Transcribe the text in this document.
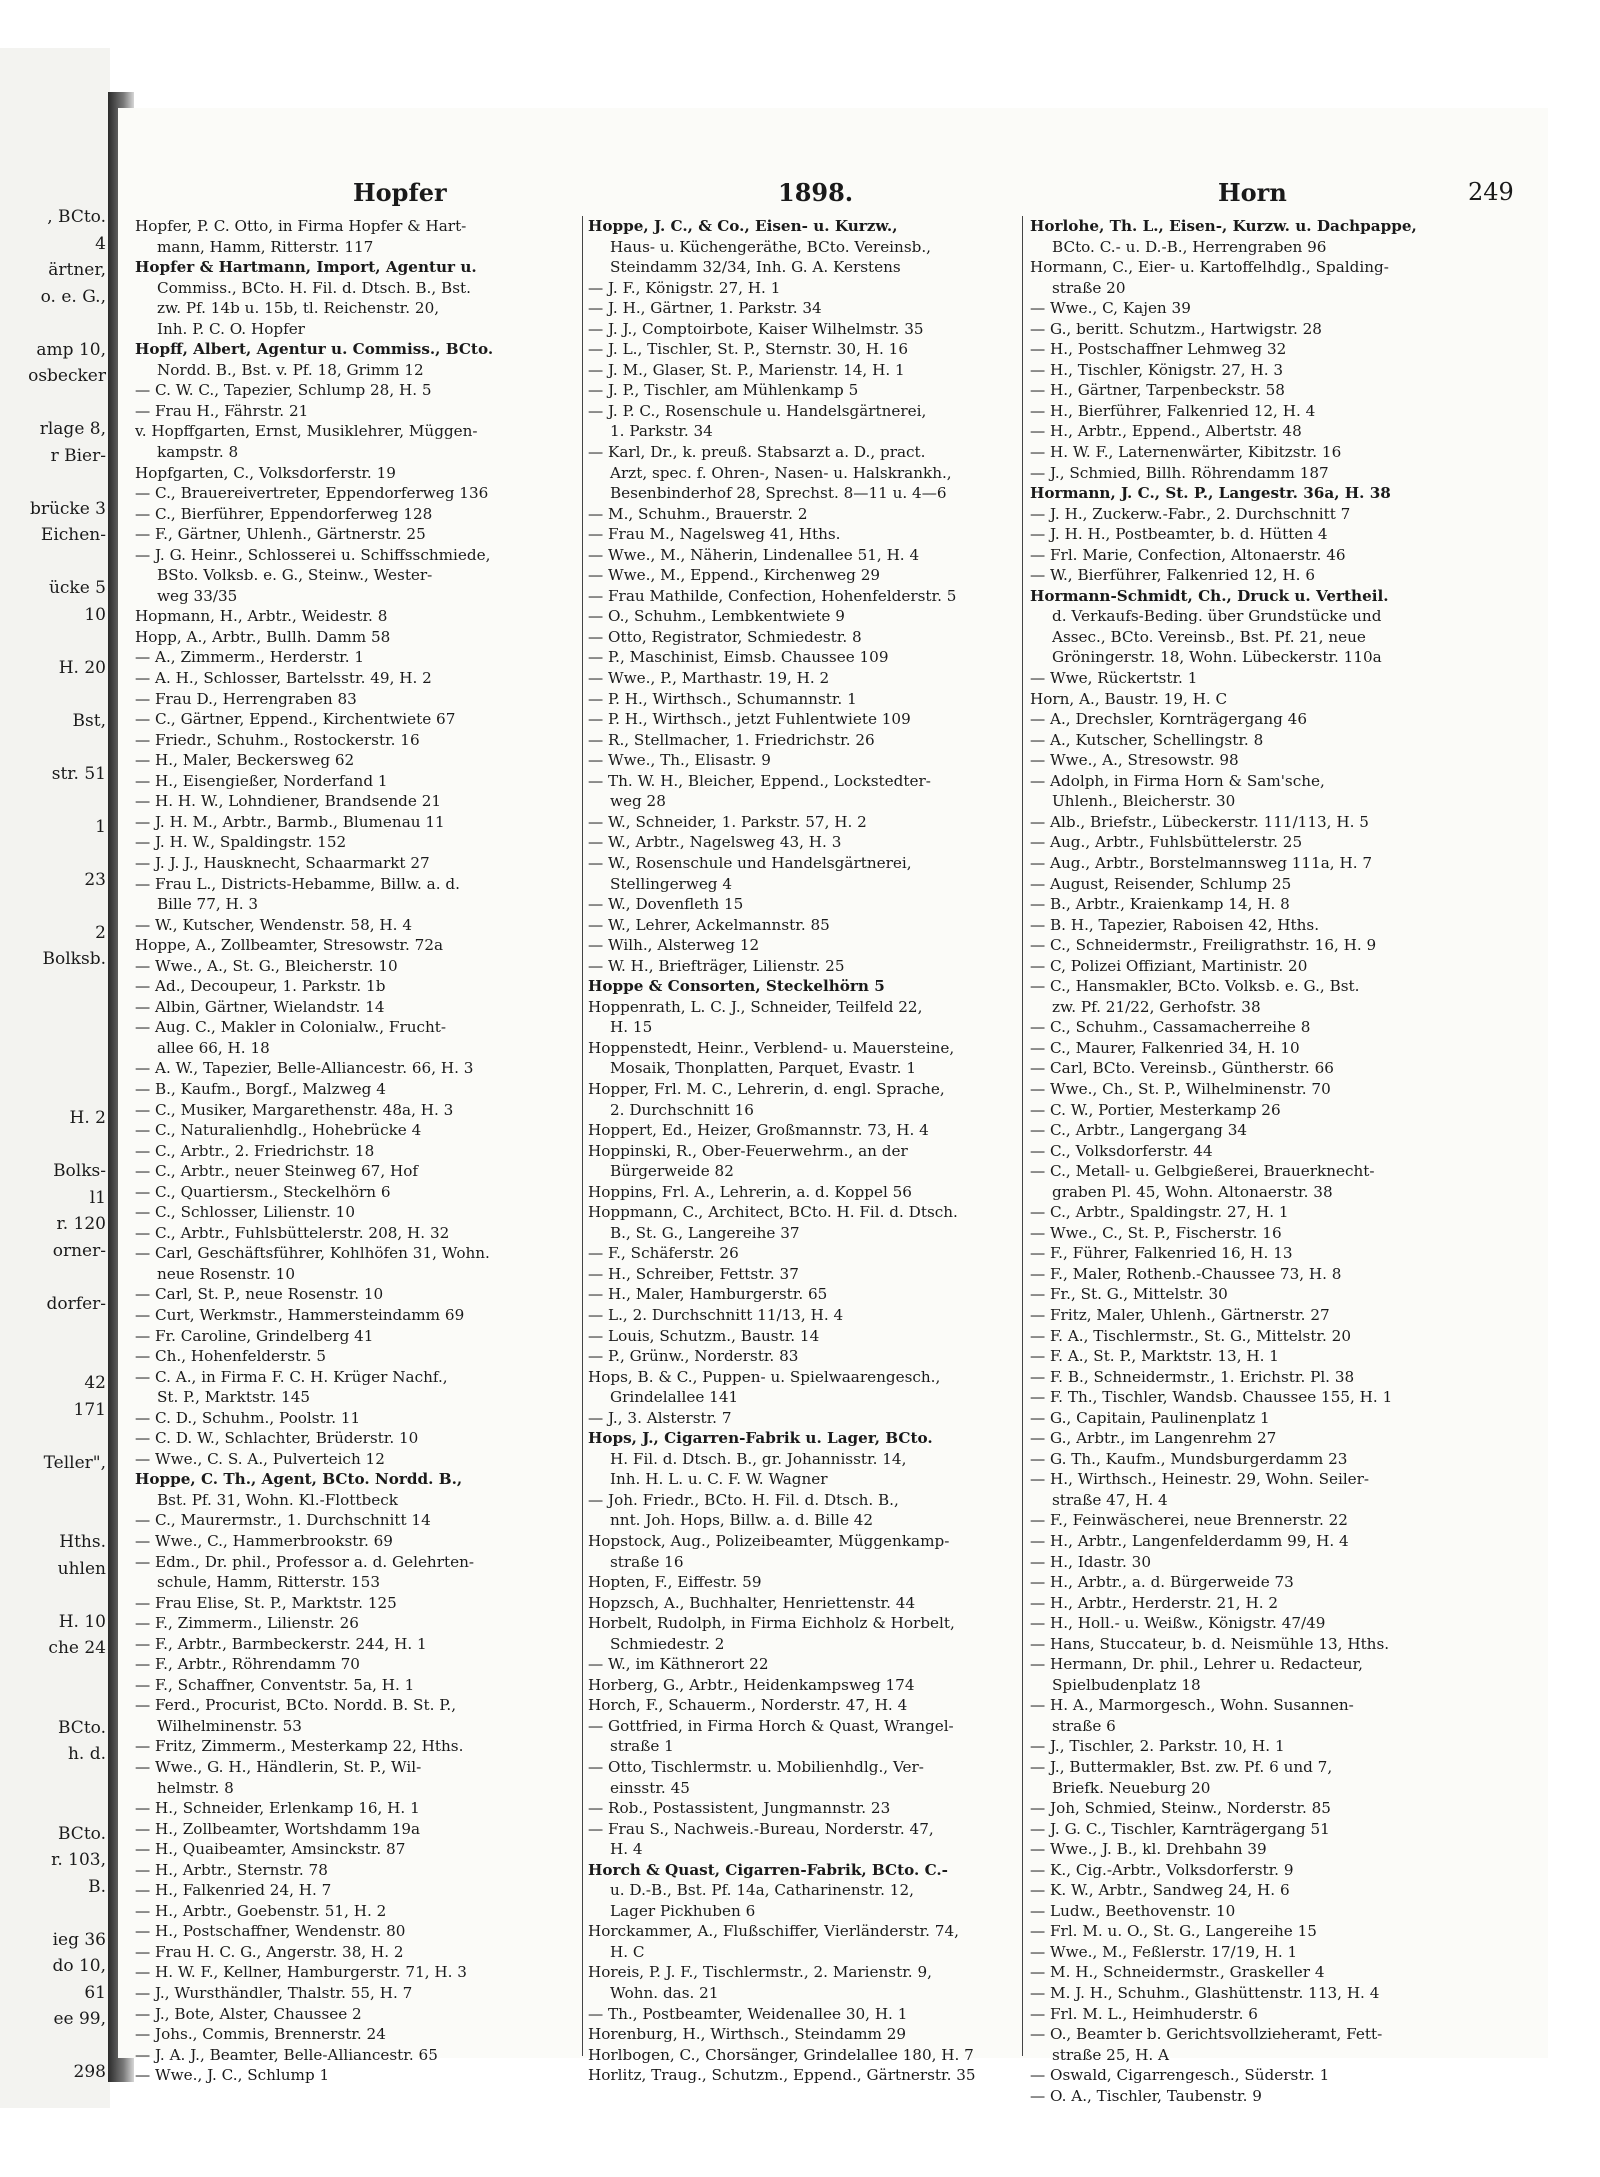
, BCto.
4
ärtner,
o. e. G.,
amp 10,
osbecker
rlage 8,
r Bier-
brücke 3
Eichen-
ücke 5
10
H. 20
Bst,
str. 51
1
23
2
Bolksb.
H. 2
Bolks-
l1
r. 120
orner-
dorfer-
42
171
Teller",
Hths.
uhlen
H. 10
che 24
BCto.
h. d.
BCto.
r. 103,
B.
ieg 36
do 10,
61
ee 99,
298
Hopfer	1898.	Horn	249
Hopfer, P. C. Otto, in Firma Hopfer & Hart-
mann, Hamm, Ritterstr. 117
Hopfer & Hartmann, Import, Agentur u.
Commiss., BCto. H. Fil. d. Dtsch. B., Bst.
zw. Pf. 14b u. 15b, tl. Reichenstr. 20,
Inh. P. C. O. Hopfer
Hopff, Albert, Agentur u. Commiss., BCto.
Nordd. B., Bst. v. Pf. 18, Grimm 12
— C. W. C., Tapezier, Schlump 28, H. 5
— Frau H., Fährstr. 21
v. Hopffgarten, Ernst, Musiklehrer, Müggen-
kampstr. 8
Hopfgarten, C., Volksdorferstr. 19
— C., Brauereivertreter, Eppendorferweg 136
— C., Bierführer, Eppendorferweg 128
— F., Gärtner, Uhlenh., Gärtnerstr. 25
— J. G. Heinr., Schlosserei u. Schiffsschmiede,
BSto. Volksb. e. G., Steinw., Wester-
weg 33/35
Hopmann, H., Arbtr., Weidestr. 8
Hopp, A., Arbtr., Bullh. Damm 58
— A., Zimmerm., Herderstr. 1
— A. H., Schlosser, Bartelsstr. 49, H. 2
— Frau D., Herrengraben 83
— C., Gärtner, Eppend., Kirchentwiete 67
— Friedr., Schuhm., Rostockerstr. 16
— H., Maler, Beckersweg 62
— H., Eisengießer, Norderfand 1
— H. H. W., Lohndiener, Brandsende 21
— J. H. M., Arbtr., Barmb., Blumenau 11
— J. H. W., Spaldingstr. 152
— J. J. J., Hausknecht, Schaarmarkt 27
— Frau L., Districts-Hebamme, Billw. a. d.
Bille 77, H. 3
— W., Kutscher, Wendenstr. 58, H. 4
Hoppe, A., Zollbeamter, Stresowstr. 72a
— Wwe., A., St. G., Bleicherstr. 10
— Ad., Decoupeur, 1. Parkstr. 1b
— Albin, Gärtner, Wielandstr. 14
— Aug. C., Makler in Colonialw., Frucht-
allee 66, H. 18
— A. W., Tapezier, Belle-Alliancestr. 66, H. 3
— B., Kaufm., Borgf., Malzweg 4
— C., Musiker, Margarethenstr. 48a, H. 3
— C., Naturalienhdlg., Hohebrücke 4
— C., Arbtr., 2. Friedrichstr. 18
— C., Arbtr., neuer Steinweg 67, Hof
— C., Quartiersm., Steckelhörn 6
— C., Schlosser, Lilienstr. 10
— C., Arbtr., Fuhlsbüttelerstr. 208, H. 32
— Carl, Geschäftsführer, Kohlhöfen 31, Wohn.
neue Rosenstr. 10
— Carl, St. P., neue Rosenstr. 10
— Curt, Werkmstr., Hammersteindamm 69
— Fr. Caroline, Grindelberg 41
— Ch., Hohenfelderstr. 5
— C. A., in Firma F. C. H. Krüger Nachf.,
St. P., Marktstr. 145
— C. D., Schuhm., Poolstr. 11
— C. D. W., Schlachter, Brüderstr. 10
— Wwe., C. S. A., Pulverteich 12
Hoppe, C. Th., Agent, BCto. Nordd. B.,
Bst. Pf. 31, Wohn. Kl.-Flottbeck
— C., Maurermstr., 1. Durchschnitt 14
— Wwe., C., Hammerbrookstr. 69
— Edm., Dr. phil., Professor a. d. Gelehrten-
schule, Hamm, Ritterstr. 153
— Frau Elise, St. P., Marktstr. 125
— F., Zimmerm., Lilienstr. 26
— F., Arbtr., Barmbeckerstr. 244, H. 1
— F., Arbtr., Röhrendamm 70
— F., Schaffner, Conventstr. 5a, H. 1
— Ferd., Procurist, BCto. Nordd. B. St. P.,
Wilhelminenstr. 53
— Fritz, Zimmerm., Mesterkamp 22, Hths.
— Wwe., G. H., Händlerin, St. P., Wil-
helmstr. 8
— H., Schneider, Erlenkamp 16, H. 1
— H., Zollbeamter, Wortshdamm 19a
— H., Quaibeamter, Amsinckstr. 87
— H., Arbtr., Sternstr. 78
— H., Falkenried 24, H. 7
— H., Arbtr., Goebenstr. 51, H. 2
— H., Postschaffner, Wendenstr. 80
— Frau H. C. G., Angerstr. 38, H. 2
— H. W. F., Kellner, Hamburgerstr. 71, H. 3
— J., Wursthändler, Thalstr. 55, H. 7
— J., Bote, Alster, Chaussee 2
— Johs., Commis, Brennerstr. 24
— J. A. J., Beamter, Belle-Alliancestr. 65
— Wwe., J. C., Schlump 1
Hoppe, J. C., & Co., Eisen- u. Kurzw.,
Haus- u. Küchengeräthe, BCto. Vereinsb.,
Steindamm 32/34, Inh. G. A. Kerstens
— J. F., Königstr. 27, H. 1
— J. H., Gärtner, 1. Parkstr. 34
— J. J., Comptoirbote, Kaiser Wilhelmstr. 35
— J. L., Tischler, St. P., Sternstr. 30, H. 16
— J. M., Glaser, St. P., Marienstr. 14, H. 1
— J. P., Tischler, am Mühlenkamp 5
— J. P. C., Rosenschule u. Handelsgärtnerei,
1. Parkstr. 34
— Karl, Dr., k. preuß. Stabsarzt a. D., pract.
Arzt, spec. f. Ohren-, Nasen- u. Halskrankh.,
Besenbinderhof 28, Sprechst. 8—11 u. 4—6
— M., Schuhm., Brauerstr. 2
— Frau M., Nagelsweg 41, Hths.
— Wwe., M., Näherin, Lindenallee 51, H. 4
— Wwe., M., Eppend., Kirchenweg 29
— Frau Mathilde, Confection, Hohenfelderstr. 5
— O., Schuhm., Lembkentwiete 9
— Otto, Registrator, Schmiedestr. 8
— P., Maschinist, Eimsb. Chaussee 109
— Wwe., P., Marthastr. 19, H. 2
— P. H., Wirthsch., Schumannstr. 1
— P. H., Wirthsch., jetzt Fuhlentwiete 109
— R., Stellmacher, 1. Friedrichstr. 26
— Wwe., Th., Elisastr. 9
— Th. W. H., Bleicher, Eppend., Lockstedter-
weg 28
— W., Schneider, 1. Parkstr. 57, H. 2
— W., Arbtr., Nagelsweg 43, H. 3
— W., Rosenschule und Handelsgärtnerei,
Stellingerweg 4
— W., Dovenfleth 15
— W., Lehrer, Ackelmannstr. 85
— Wilh., Alsterweg 12
— W. H., Briefträger, Lilienstr. 25
Hoppe & Consorten, Steckelhörn 5
Hoppenrath, L. C. J., Schneider, Teilfeld 22,
H. 15
Hoppenstedt, Heinr., Verblend- u. Mauersteine,
Mosaik, Thonplatten, Parquet, Evastr. 1
Hopper, Frl. M. C., Lehrerin, d. engl. Sprache,
2. Durchschnitt 16
Hoppert, Ed., Heizer, Großmannstr. 73, H. 4
Hoppinski, R., Ober-Feuerwehrm., an der
Bürgerweide 82
Hoppins, Frl. A., Lehrerin, a. d. Koppel 56
Hoppmann, C., Architect, BCto. H. Fil. d. Dtsch.
B., St. G., Langereihe 37
— F., Schäferstr. 26
— H., Schreiber, Fettstr. 37
— H., Maler, Hamburgerstr. 65
— L., 2. Durchschnitt 11/13, H. 4
— Louis, Schutzm., Baustr. 14
— P., Grünw., Norderstr. 83
Hops, B. & C., Puppen- u. Spielwaarengesch.,
Grindelallee 141
— J., 3. Alsterstr. 7
Hops, J., Cigarren-Fabrik u. Lager, BCto.
H. Fil. d. Dtsch. B., gr. Johannisstr. 14,
Inh. H. L. u. C. F. W. Wagner
— Joh. Friedr., BCto. H. Fil. d. Dtsch. B.,
nnt. Joh. Hops, Billw. a. d. Bille 42
Hopstock, Aug., Polizeibeamter, Müggenkamp-
straße 16
Hopten, F., Eiffestr. 59
Hopzsch, A., Buchhalter, Henriettenstr. 44
Horbelt, Rudolph, in Firma Eichholz & Horbelt,
Schmiedestr. 2
— W., im Käthnerort 22
Horberg, G., Arbtr., Heidenkampsweg 174
Horch, F., Schauerm., Norderstr. 47, H. 4
— Gottfried, in Firma Horch & Quast, Wrangel-
straße 1
— Otto, Tischlermstr. u. Mobilienhdlg., Ver-
einsstr. 45
— Rob., Postassistent, Jungmannstr. 23
— Frau S., Nachweis.-Bureau, Norderstr. 47,
H. 4
Horch & Quast, Cigarren-Fabrik, BCto. C.-
u. D.-B., Bst. Pf. 14a, Catharinenstr. 12,
Lager Pickhuben 6
Horckammer, A., Flußschiffer, Vierländerstr. 74,
H. C
Horeis, P. J. F., Tischlermstr., 2. Marienstr. 9,
Wohn. das. 21
— Th., Postbeamter, Weidenallee 30, H. 1
Horenburg, H., Wirthsch., Steindamm 29
Horlbogen, C., Chorsänger, Grindelallee 180, H. 7
Horlitz, Traug., Schutzm., Eppend., Gärtnerstr. 35
Horlohe, Th. L., Eisen-, Kurzw. u. Dachpappe,
BCto. C.- u. D.-B., Herrengraben 96
Hormann, C., Eier- u. Kartoffelhdlg., Spalding-
straße 20
— Wwe., C, Kajen 39
— G., beritt. Schutzm., Hartwigstr. 28
— H., Postschaffner Lehmweg 32
— H., Tischler, Königstr. 27, H. 3
— H., Gärtner, Tarpenbeckstr. 58
— H., Bierführer, Falkenried 12, H. 4
— H., Arbtr., Eppend., Albertstr. 48
— H. W. F., Laternenwärter, Kibitzstr. 16
— J., Schmied, Billh. Röhrendamm 187
Hormann, J. C., St. P., Langestr. 36a, H. 38
— J. H., Zuckerw.-Fabr., 2. Durchschnitt 7
— J. H. H., Postbeamter, b. d. Hütten 4
— Frl. Marie, Confection, Altonaerstr. 46
— W., Bierführer, Falkenried 12, H. 6
Hormann-Schmidt, Ch., Druck u. Vertheil.
d. Verkaufs-Beding. über Grundstücke und
Assec., BCto. Vereinsb., Bst. Pf. 21, neue
Gröningerstr. 18, Wohn. Lübeckerstr. 110a
— Wwe, Rückertstr. 1
Horn, A., Baustr. 19, H. C
— A., Drechsler, Kornträgergang 46
— A., Kutscher, Schellingstr. 8
— Wwe., A., Stresowstr. 98
— Adolph, in Firma Horn & Sam'sche,
Uhlenh., Bleicherstr. 30
— Alb., Briefstr., Lübeckerstr. 111/113, H. 5
— Aug., Arbtr., Fuhlsbüttelerstr. 25
— Aug., Arbtr., Borstelmannsweg 111a, H. 7
— August, Reisender, Schlump 25
— B., Arbtr., Kraienkamp 14, H. 8
— B. H., Tapezier, Raboisen 42, Hths.
— C., Schneidermstr., Freiligrathstr. 16, H. 9
— C, Polizei Offiziant, Martinistr. 20
— C., Hansmakler, BCto. Volksb. e. G., Bst.
zw. Pf. 21/22, Gerhofstr. 38
— C., Schuhm., Cassamacherreihe 8
— C., Maurer, Falkenried 34, H. 10
— Carl, BCto. Vereinsb., Güntherstr. 66
— Wwe., Ch., St. P., Wilhelminenstr. 70
— C. W., Portier, Mesterkamp 26
— C., Arbtr., Langergang 34
— C., Volksdorferstr. 44
— C., Metall- u. Gelbgießerei, Brauerknecht-
graben Pl. 45, Wohn. Altonaerstr. 38
— C., Arbtr., Spaldingstr. 27, H. 1
— Wwe., C., St. P., Fischerstr. 16
— F., Führer, Falkenried 16, H. 13
— F., Maler, Rothenb.-Chaussee 73, H. 8
— Fr., St. G., Mittelstr. 30
— Fritz, Maler, Uhlenh., Gärtnerstr. 27
— F. A., Tischlermstr., St. G., Mittelstr. 20
— F. A., St. P., Marktstr. 13, H. 1
— F. B., Schneidermstr., 1. Erichstr. Pl. 38
— F. Th., Tischler, Wandsb. Chaussee 155, H. 1
— G., Capitain, Paulinenplatz 1
— G., Arbtr., im Langenrehm 27
— G. Th., Kaufm., Mundsburgerdamm 23
— H., Wirthsch., Heinestr. 29, Wohn. Seiler-
straße 47, H. 4
— F., Feinwäscherei, neue Brennerstr. 22
— H., Arbtr., Langenfelderdamm 99, H. 4
— H., Idastr. 30
— H., Arbtr., a. d. Bürgerweide 73
— H., Arbtr., Herderstr. 21, H. 2
— H., Holl.- u. Weißw., Königstr. 47/49
— Hans, Stuccateur, b. d. Neismühle 13, Hths.
— Hermann, Dr. phil., Lehrer u. Redacteur,
Spielbudenplatz 18
— H. A., Marmorgesch., Wohn. Susannen-
straße 6
— J., Tischler, 2. Parkstr. 10, H. 1
— J., Buttermakler, Bst. zw. Pf. 6 und 7,
Briefk. Neueburg 20
— Joh, Schmied, Steinw., Norderstr. 85
— J. G. C., Tischler, Karnträgergang 51
— Wwe., J. B., kl. Drehbahn 39
— K., Cig.-Arbtr., Volksdorferstr. 9
— K. W., Arbtr., Sandweg 24, H. 6
— Ludw., Beethovenstr. 10
— Frl. M. u. O., St. G., Langereihe 15
— Wwe., M., Feßlerstr. 17/19, H. 1
— M. H., Schneidermstr., Graskeller 4
— M. J. H., Schuhm., Glashüttenstr. 113, H. 4
— Frl. M. L., Heimhuderstr. 6
— O., Beamter b. Gerichtsvollzieheramt, Fett-
straße 25, H. A
— Oswald, Cigarrengesch., Süderstr. 1
— O. A., Tischler, Taubenstr. 9
